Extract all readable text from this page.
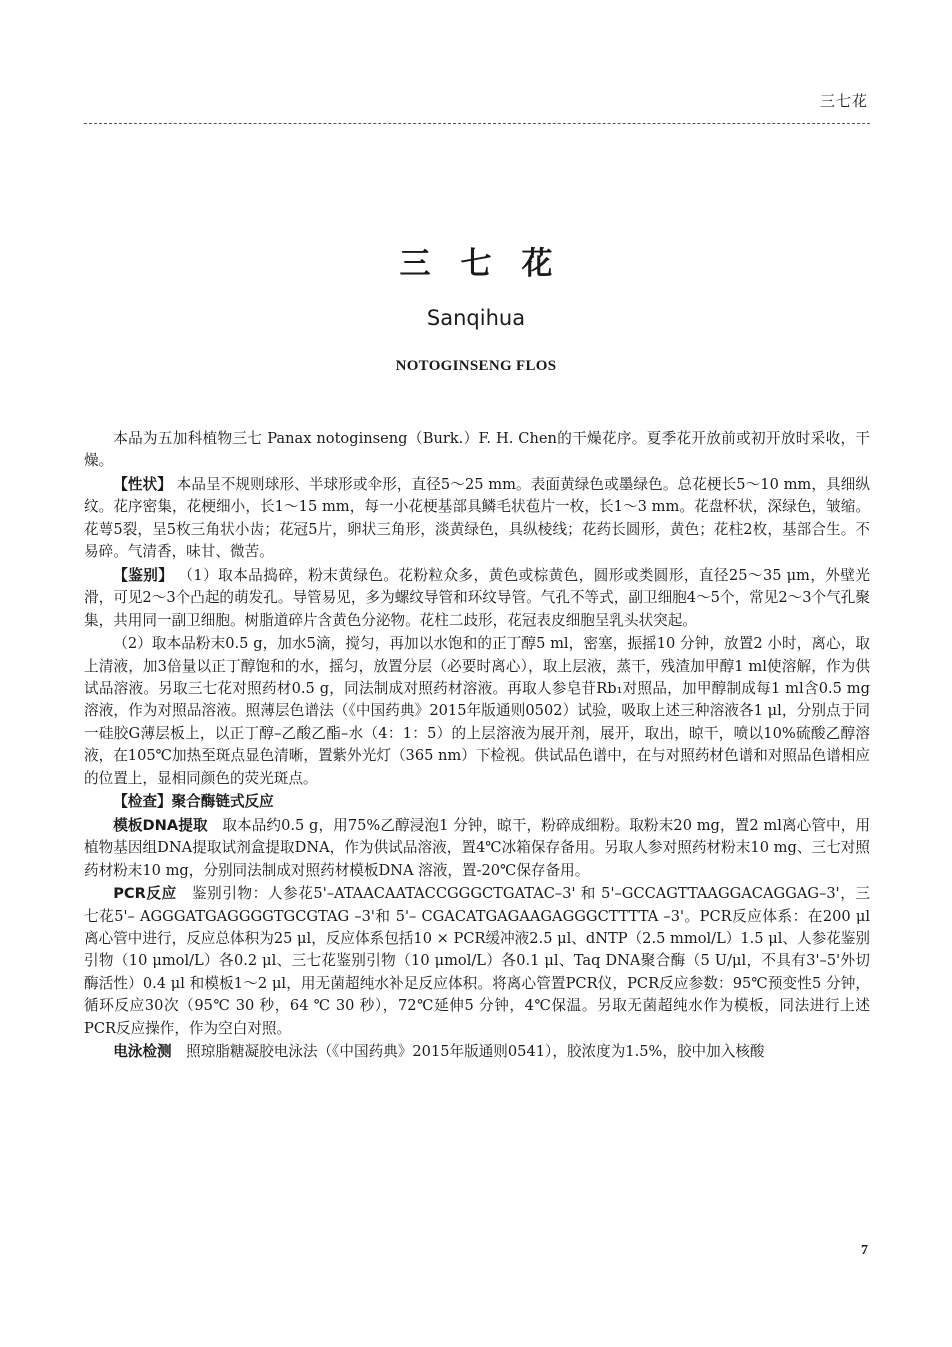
三七花
三七花
Sanqihua
NOTOGINSENG FLOS

本品为五加科植物三七 Panax notoginseng（Burk.）F. H. Chen的干燥花序。夏季花开放前或初开放时采收，干燥。

【性状】 本品呈不规则球形、半球形或伞形，直径5～25 mm。表面黄绿色或墨绿色。总花梗长5～10 mm，具细纵纹。花序密集，花梗细小，长1～15 mm，每一小花梗基部具鳞毛状苞片一枚，长1～3 mm。花盘杯状，深绿色，皱缩。花萼5裂，呈5枚三角状小齿；花冠5片，卵状三角形，淡黄绿色，具纵棱线；花药长圆形，黄色；花柱2枚，基部合生。不易碎。气清香，味甘、微苦。

【鉴别】 （1）取本品捣碎，粉末黄绿色。花粉粒众多，黄色或棕黄色，圆形或类圆形，直径25～35 μm，外壁光滑，可见2～3个凸起的萌发孔。导管易见，多为螺纹导管和环纹导管。气孔不等式，副卫细胞4～5个，常见2～3个气孔聚集，共用同一副卫细胞。树脂道碎片含黄色分泌物。花柱二歧形，花冠表皮细胞呈乳头状突起。

（2）取本品粉末0.5 g，加水5滴，搅匀，再加以水饱和的正丁醇5 ml，密塞，振摇10 分钟，放置2 小时，离心，取上清液，加3倍量以正丁醇饱和的水，摇匀，放置分层（必要时离心），取上层液，蒸干，残渣加甲醇1 ml使溶解，作为供试品溶液。另取三七花对照药材0.5 g，同法制成对照药材溶液。再取人参皂苷Rb₁对照品，加甲醇制成每1 ml含0.5 mg溶液，作为对照品溶液。照薄层色谱法（《中国药典》2015年版通则0502）试验，吸取上述三种溶液各1 μl，分别点于同一硅胶G薄层板上，以正丁醇–乙酸乙酯–水（4：1：5）的上层溶液为展开剂，展开，取出，晾干，喷以10%硫酸乙醇溶液，在105℃加热至斑点显色清晰，置紫外光灯（365 nm）下检视。供试品色谱中，在与对照药材色谱和对照品色谱相应的位置上，显相同颜色的荧光斑点。

【检查】聚合酶链式反应

模板DNA提取  取本品约0.5 g，用75%乙醇浸泡1 分钟，晾干，粉碎成细粉。取粉末20 mg，置2 ml离心管中，用植物基因组DNA提取试剂盒提取DNA，作为供试品溶液，置4℃冰箱保存备用。另取人参对照药材粉末10 mg、三七对照药材粉末10 mg，分别同法制成对照药材模板DNA 溶液，置-20℃保存备用。

PCR反应  鉴别引物：人参花5'–ATAACAATACCGGGCTGATAC–3' 和 5'–GCCAGTTAAGGACAGGAG–3'，三七花5'– AGGGATGAGGGGTGCGTAG –3'和 5'– CGACATGAGAAGAGGGCTTTTA –3'。PCR反应体系：在200 μl离心管中进行，反应总体积为25 μl，反应体系包括10 × PCR缓冲液2.5 μl、dNTP（2.5 mmol/L）1.5 μl、人参花鉴别引物（10 μmol/L）各0.2 μl、三七花鉴别引物（10 μmol/L）各0.1 μl、Taq DNA聚合酶（5 U/μl，不具有3'–5'外切酶活性）0.4 μl 和模板1～2 μl，用无菌超纯水补足反应体积。将离心管置PCR仪，PCR反应参数：95℃预变性5 分钟，循环反应30次（95℃ 30 秒，64 ℃ 30 秒），72℃延伸5 分钟，4℃保温。另取无菌超纯水作为模板，同法进行上述PCR反应操作，作为空白对照。

电泳检测  照琼脂糖凝胶电泳法（《中国药典》2015年版通则0541），胶浓度为1.5%，胶中加入核酸

7
